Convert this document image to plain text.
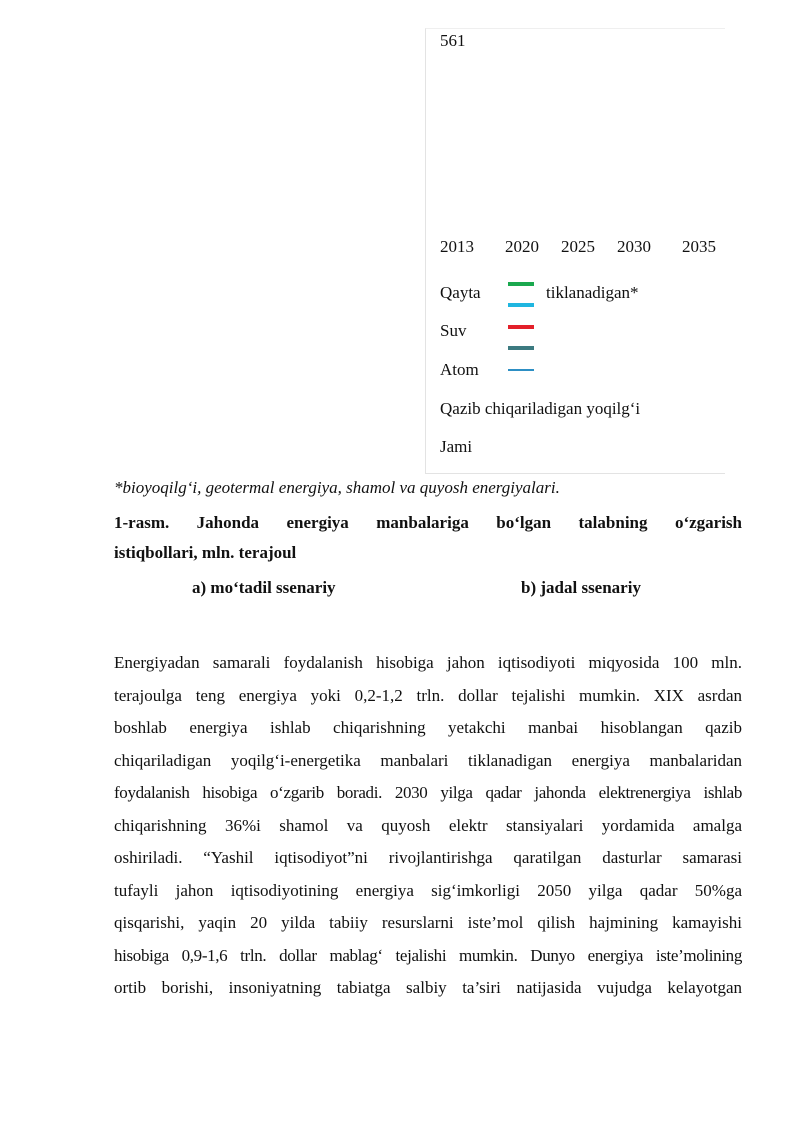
561
2013 2020 2025 2030 2035
Qayta	tiklanadigan*
Suv
Atom
Qazib chiqariladigan yoqilg‘i
Jami
*bioyoqilg‘i, geotermal energiya, shamol va quyosh energiyalari.
1-rasm. Jahonda energiya manbalariga bo‘lgan talabning o‘zgarish
istiqbollari, mln. terajoul
a) mo‘tadil ssenariy	b) jadal ssenariy
Energiyadan samarali foydalanish hisobiga jahon iqtisodiyoti miqyosida 100 mln.
terajoulga teng energiya yoki 0,2-1,2 trln. dollar tejalishi mumkin. XIX asrdan
boshlab energiya ishlab chiqarishning yetakchi manbai hisoblangan qazib
chiqariladigan yoqilg‘i-energetika manbalari tiklanadigan energiya manbalaridan
foydalanish hisobiga o‘zgarib boradi. 2030 yilga qadar jahonda elektrenergiya ishlab
chiqarishning 36%i shamol va quyosh elektr stansiyalari yordamida amalga
oshiriladi. “Yashil iqtisodiyot”ni rivojlantirishga qaratilgan dasturlar samarasi
tufayli jahon iqtisodiyotining energiya sig‘imkorligi 2050 yilga qadar 50%ga
qisqarishi, yaqin 20 yilda tabiiy resurslarni iste’mol qilish hajmining kamayishi
hisobiga 0,9-1,6 trln. dollar mablag‘ tejalishi mumkin. Dunyo energiya iste’molining
ortib borishi, insoniyatning tabiatga salbiy ta’siri natijasida vujudga kelayotgan
